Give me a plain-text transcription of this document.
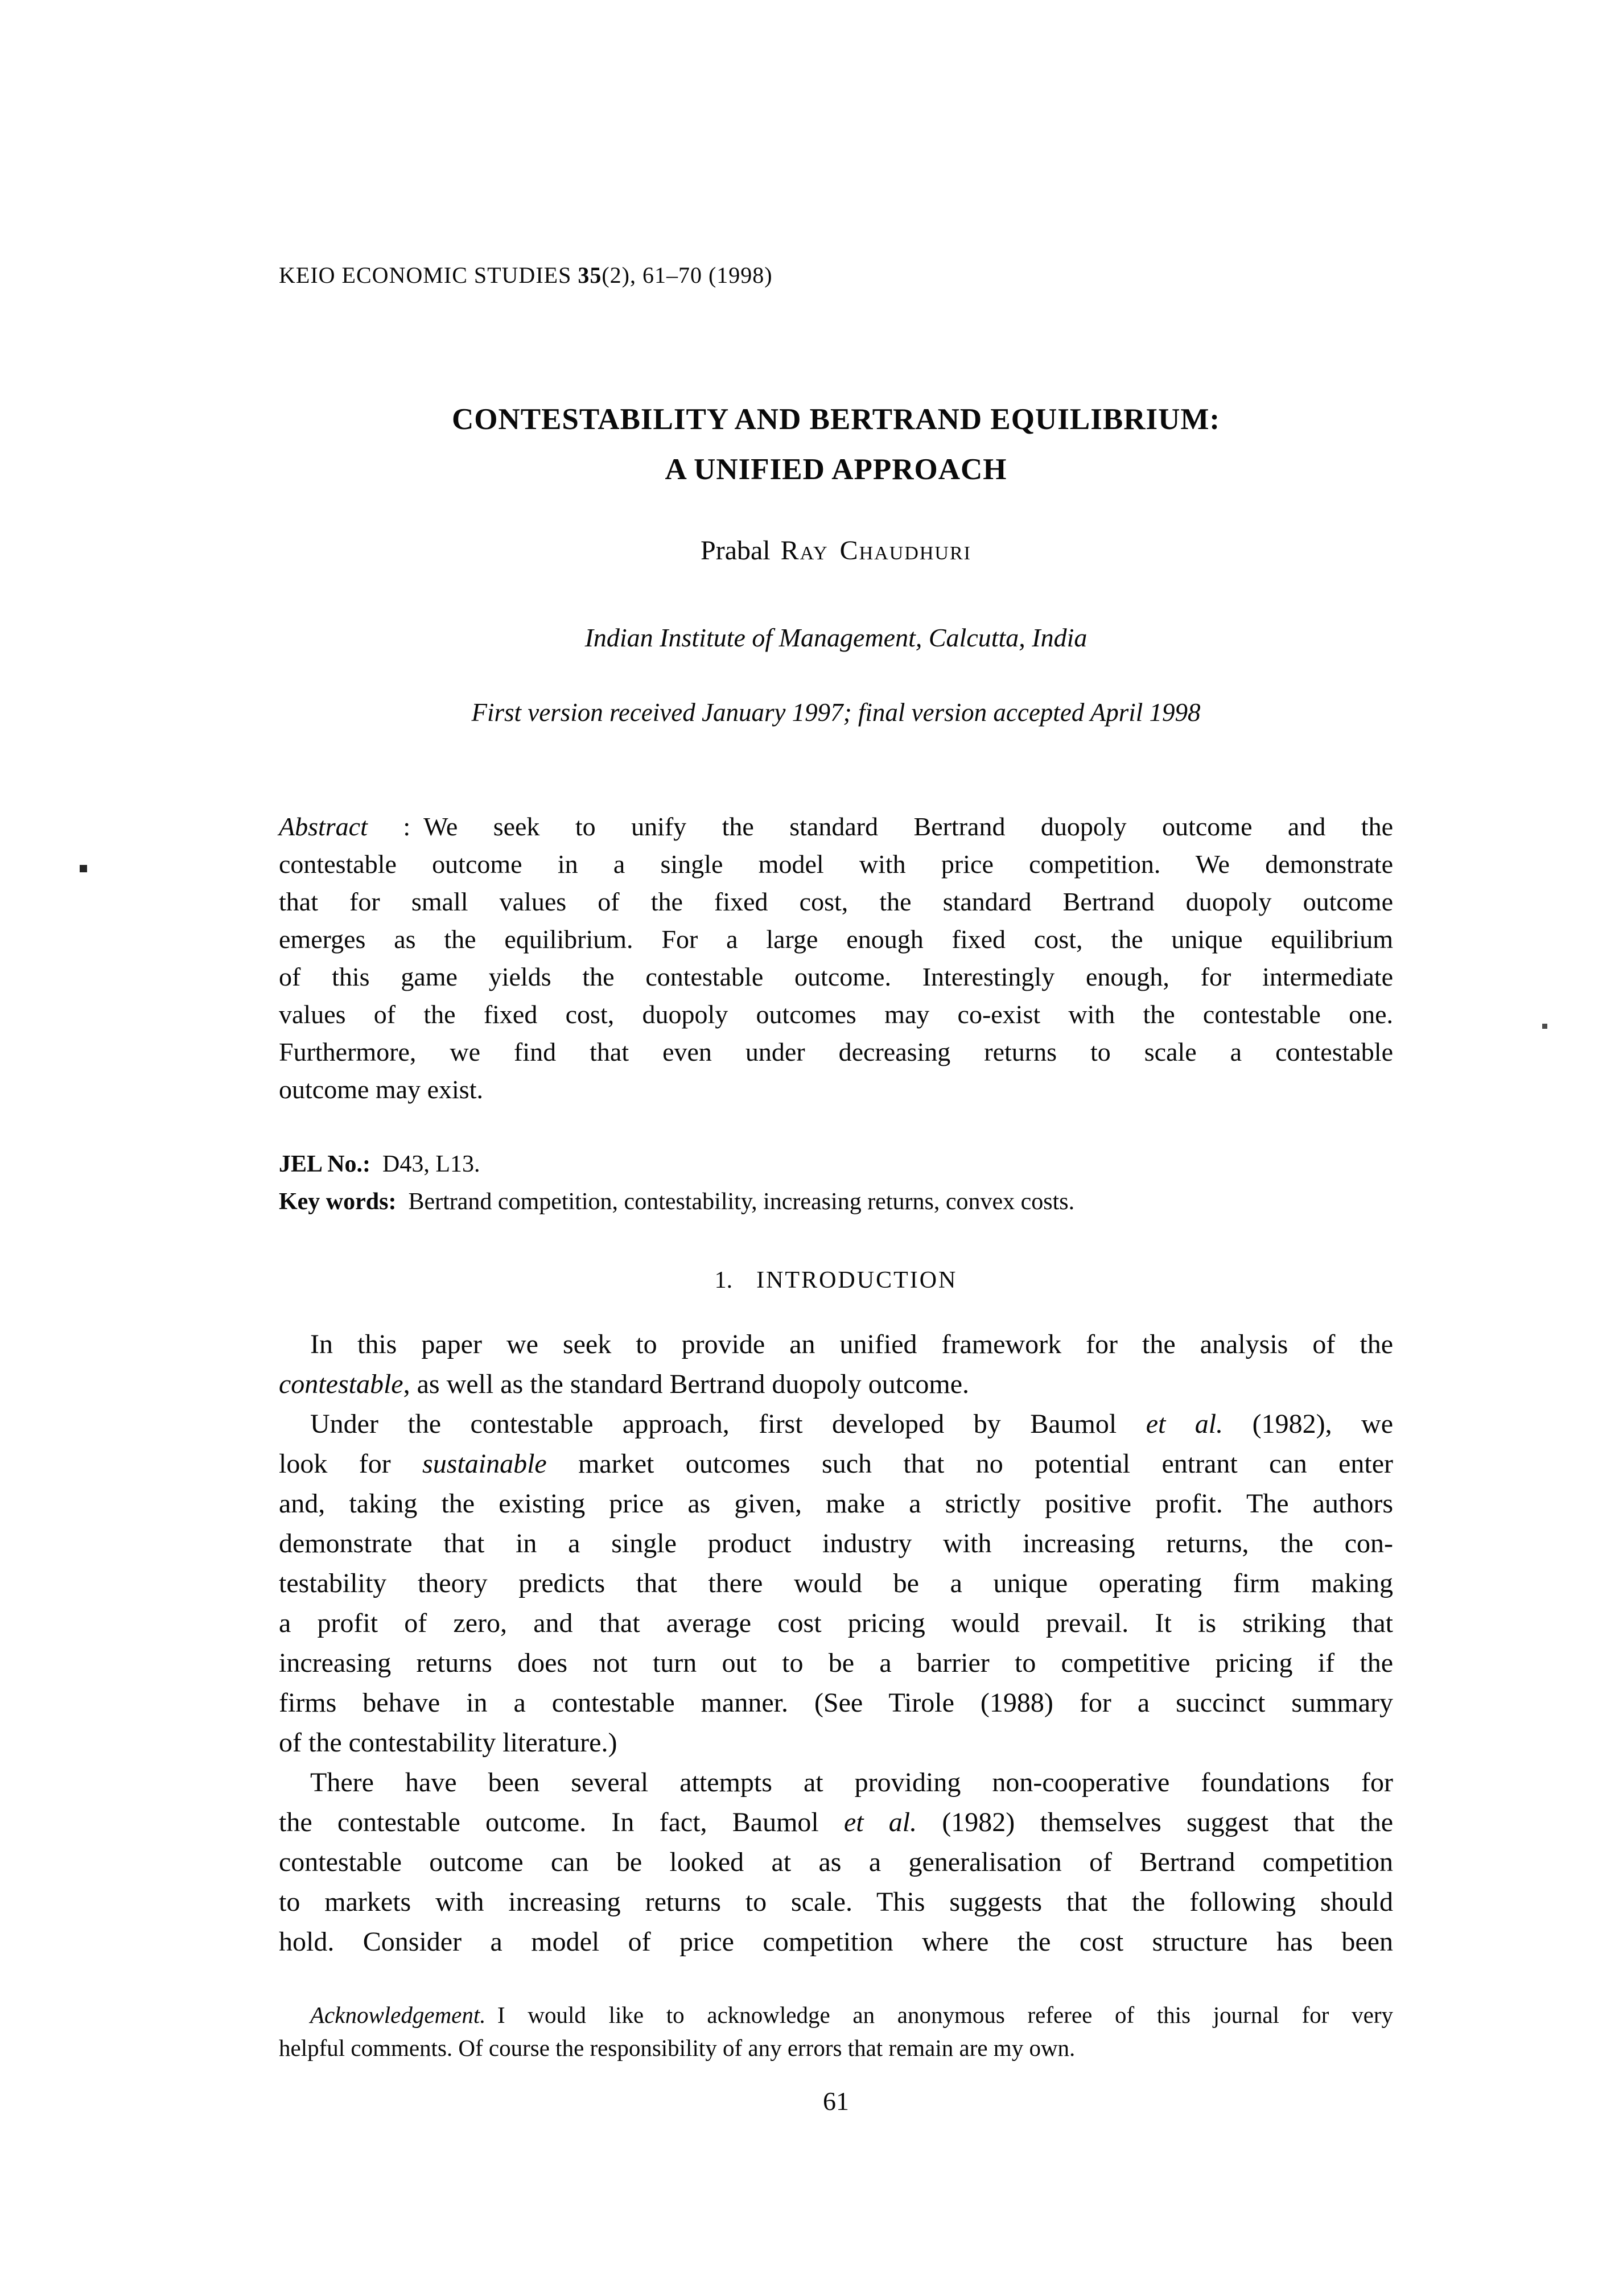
KEIO ECONOMIC STUDIES 35(2), 61–70 (1998)
CONTESTABILITY AND BERTRAND EQUILIBRIUM:
A UNIFIED APPROACH
Prabal Ray Chaudhuri
Indian Institute of Management, Calcutta, India
First version received January 1997; final version accepted April 1998
Abstract : We seek to unify the standard Bertrand duopoly outcome and the
contestable outcome in a single model with price competition. We demonstrate
that for small values of the fixed cost, the standard Bertrand duopoly outcome
emerges as the equilibrium. For a large enough fixed cost, the unique equilibrium
of this game yields the contestable outcome. Interestingly enough, for intermediate
values of the fixed cost, duopoly outcomes may co-exist with the contestable one.
Furthermore, we find that even under decreasing returns to scale a contestable
outcome may exist.
JEL No.: D43, L13.
Key words: Bertrand competition, contestability, increasing returns, convex costs.
1. INTRODUCTION
In this paper we seek to provide an unified framework for the analysis of the
contestable, as well as the standard Bertrand duopoly outcome.
Under the contestable approach, first developed by Baumol et al. (1982), we
look for sustainable market outcomes such that no potential entrant can enter
and, taking the existing price as given, make a strictly positive profit. The authors
demonstrate that in a single product industry with increasing returns, the con-
testability theory predicts that there would be a unique operating firm making
a profit of zero, and that average cost pricing would prevail. It is striking that
increasing returns does not turn out to be a barrier to competitive pricing if the
firms behave in a contestable manner. (See Tirole (1988) for a succinct summary
of the contestability literature.)
There have been several attempts at providing non-cooperative foundations for
the contestable outcome. In fact, Baumol et al. (1982) themselves suggest that the
contestable outcome can be looked at as a generalisation of Bertrand competition
to markets with increasing returns to scale. This suggests that the following should
hold. Consider a model of price competition where the cost structure has been
Acknowledgement. I would like to acknowledge an anonymous referee of this journal for very
helpful comments. Of course the responsibility of any errors that remain are my own.
61
